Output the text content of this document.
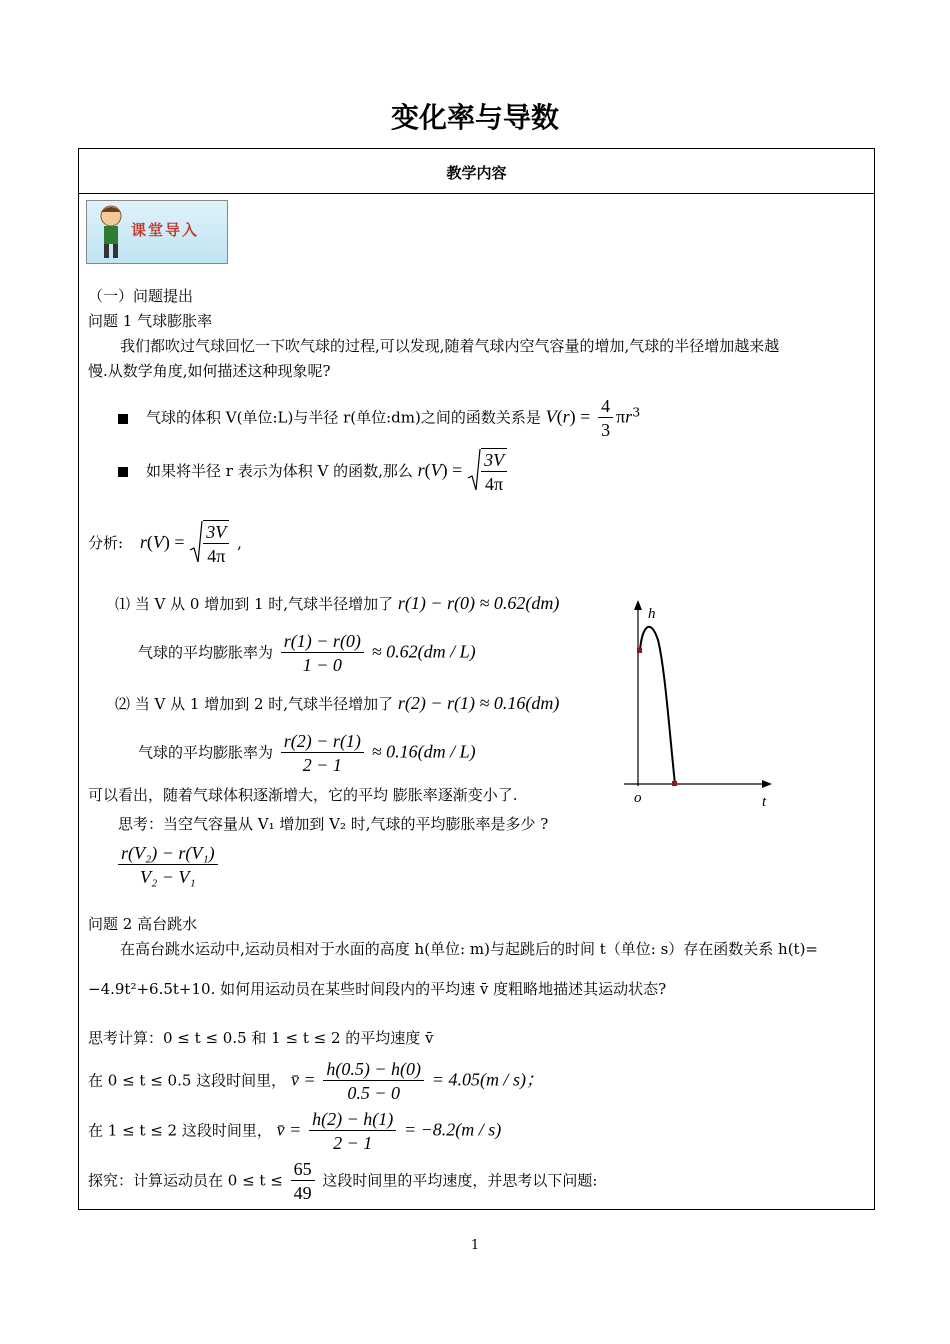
变化率与导数
教学内容
课堂导入
（一）问题提出
问题 1 气球膨胀率
我们都吹过气球回忆一下吹气球的过程,可以发现,随着气球内空气容量的增加,气球的半径增加越来越
慢.从数学角度,如何描述这种现象呢?
气球的体积 V(单位:L)与半径 r(单位:dm)之间的函数关系是 $V(r) = \frac{4}{3} \pi r^3$
如果将半径 r 表示为体积 V 的函数,那么 $r(V) = \frac{3V}{4\pi}$
分析: $r(V) = \frac{3V}{4\pi}$ ,
⑴ 当 V 从 0 增加到 1 时,气球半径增加了 r(1) − r(0) ≈ 0.62(dm)
气球的平均膨胀率为 $\frac{r(1) - r(0)}{1 - 0} \approx 0.62(dm / L)$
⑵ 当 V 从 1 增加到 2 时,气球半径增加了 r(2) − r(1) ≈ 0.16(dm)
气球的平均膨胀率为 $\frac{r(2) - r(1)}{2 - 1} \approx 0.16(dm / L)$
可以看出，随着气球体积逐渐增大，它的平均 膨胀率逐渐变小了.
思考：当空气容量从 V₁ 增加到 V₂ 时,气球的平均膨胀率是多少 ?
$\frac{\text{r(V₂) − r(V₁)}}{\text{V₂ − V₁}}$
h
t
o
问题 2 高台跳水
在高台跳水运动中,运动员相对于水面的高度 h(单位: m)与起跳后的时间 t（单位: s）存在函数关系 h(t)=
−4.9t²+6.5t+10. 如何用运动员在某些时间段内的平均速 v̄ 度粗略地描述其运动状态?
思考计算：0 ≤ t ≤ 0.5 和 1 ≤ t ≤ 2 的平均速度 v̄
在 0 ≤ t ≤ 0.5 这段时间里， v̄ = $\frac{h(0.5) - h(0)}{0.5 - 0} = 4.05(m / s)$；
在 1 ≤ t ≤ 2 这段时间里， v̄ = $\frac{h(2) - h(1)}{2 - 1} = -8.2(m / s)$
探究：计算运动员在 $0 \le t \le \frac{65}{49}$ 这段时间里的平均速度，并思考以下问题:
1
